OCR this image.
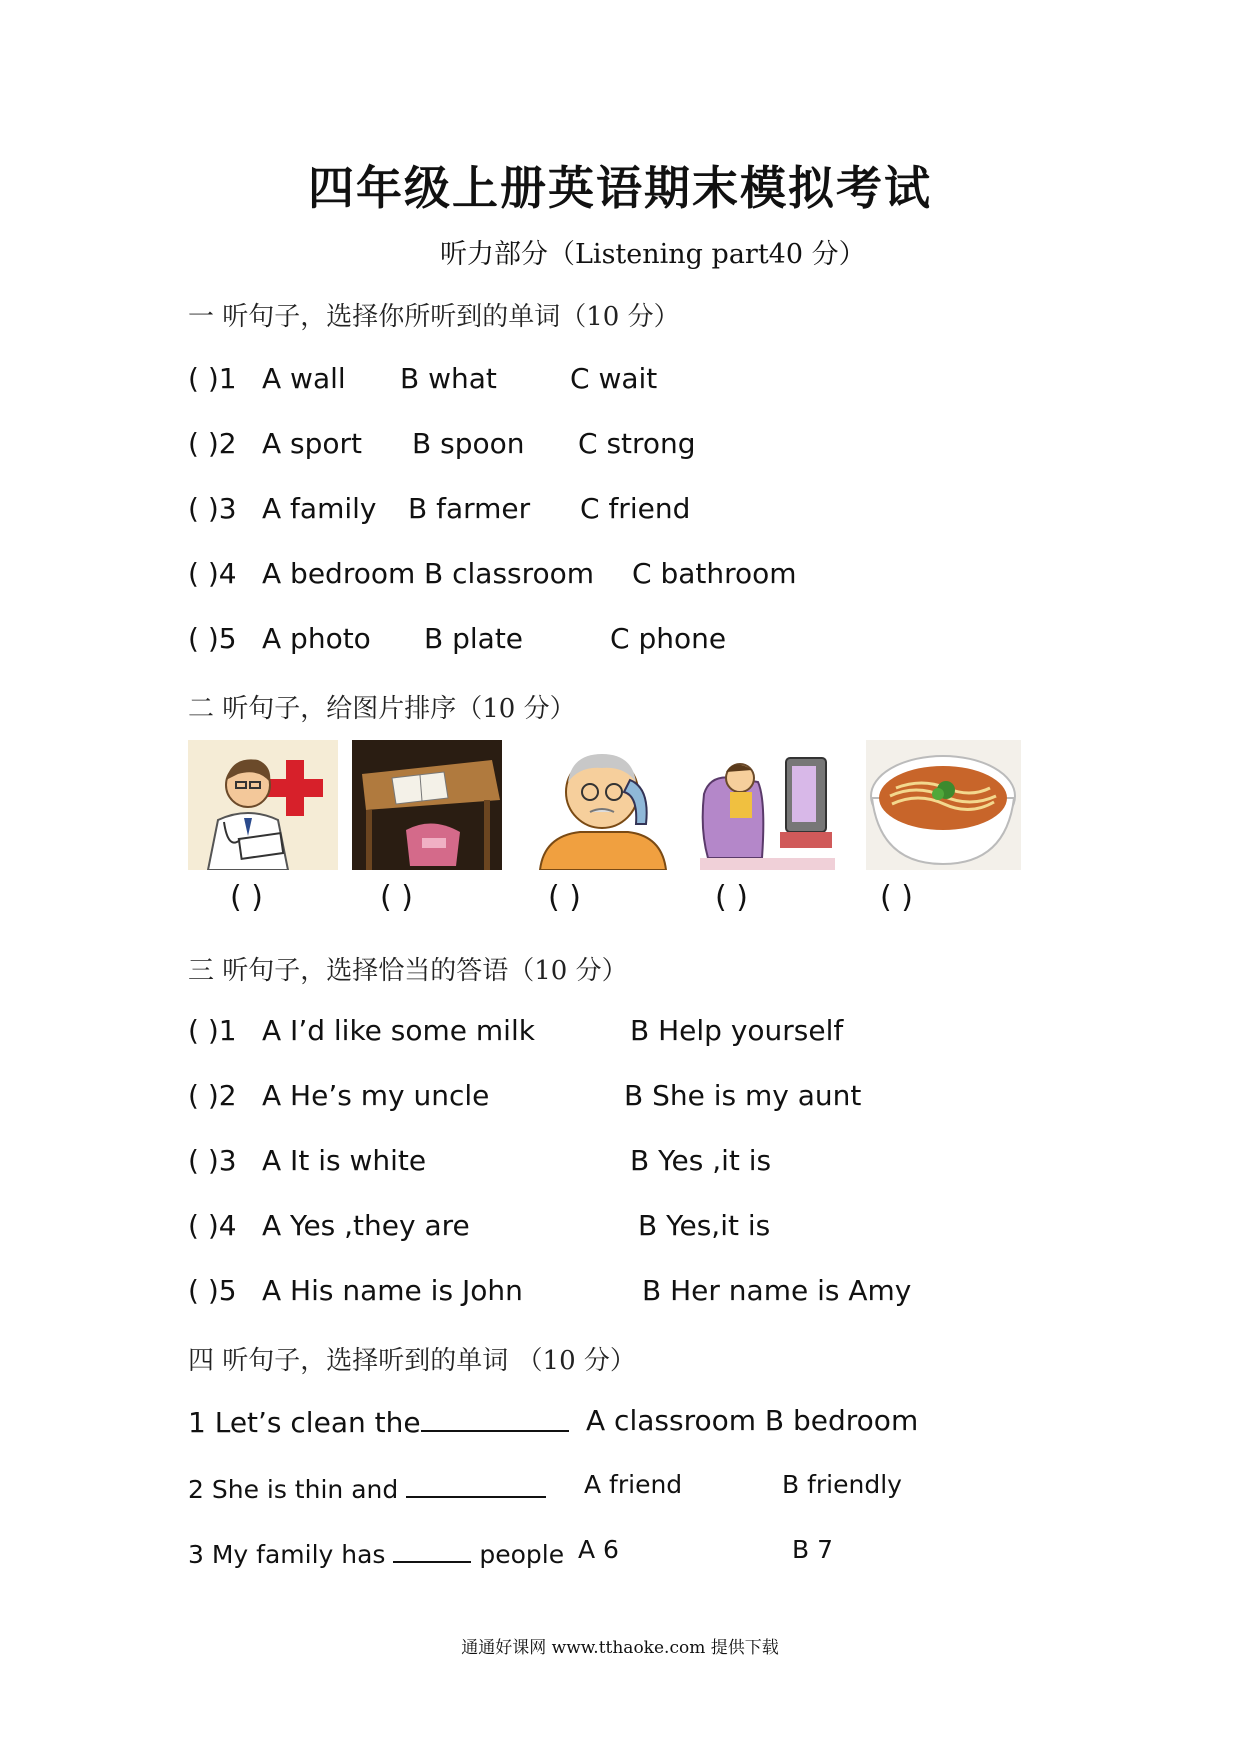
四年级上册英语期末模拟考试
听力部分（Listening part40 分）
一 听句子，选择你所听到的单词（10 分）
( )1 A wall B what	C wait
( )2 A sport B spoon C strong
( )3 A family B farmer C friend
( )4 A bedroom B classroom C bathroom
( )5 A photo B plate	C phone
二 听句子，给图片排序（10 分）
( )	( )	( )	( )	( )
三 听句子，选择恰当的答语（10 分）
( )1 A I’d like some milk	B Help yourself
( )2 A He’s my uncle	B She is my aunt
( )3 A It is white	B Yes ,it is
( )4 A Yes ,they are	B Yes,it is
( )5 A His name is John	B Her name is Amy
四 听句子，选择听到的单词 （10 分）
1 Let’s clean the	A classroom B bedroom
2 She is thin and	A friend	B friendly
3 My family has	people A 6	B 7
通通好课网 www.tthaoke.com 提供下载
